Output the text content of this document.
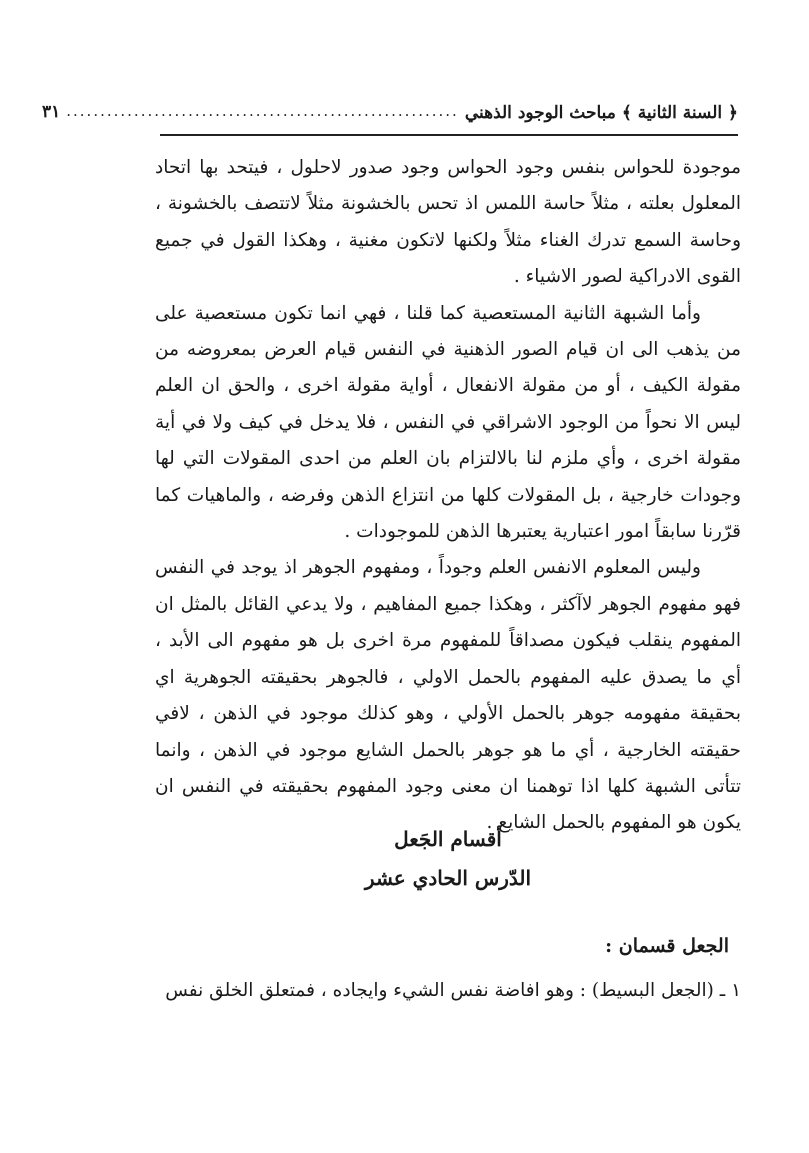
﴿ السنة الثانية ﴾ مباحث الوجود الذهني
..........................................................
٣١

موجودة للحواس بنفس وجود الحواس وجود صدور لاحلول ، فيتحد بها اتحاد المعلول بعلته ، مثلاً حاسة اللمس اذ تحس بالخشونة مثلاً لاتتصف بالخشونة ، وحاسة السمع تدرك الغناء مثلاً ولكنها لاتكون مغنية ، وهكذا القول في جميع القوى الادراكية لصور الاشياء .

وأما الشبهة الثانية المستعصية كما قلنا ، فهي انما تكون مستعصية على من يذهب الى ان قيام الصور الذهنية في النفس قيام العرض بمعروضه من مقولة الكيف ، أو من مقولة الانفعال ، أواية مقولة اخرى ، والحق ان العلم ليس الا نحواً من الوجود الاشراقي في النفس ، فلا يدخل في كيف ولا في أية مقولة اخرى ، وأي ملزم لنا بالالتزام بان العلم من احدى المقولات التي لها وجودات خارجية ، بل المقولات كلها من انتزاع الذهن وفرضه ، والماهيات كما قرّرنا سابقاً امور اعتبارية يعتبرها الذهن للموجودات .

وليس المعلوم الانفس العلم وجوداً ، ومفهوم الجوهر اذ يوجد في النفس فهو مفهوم الجوهر لاآكثر ، وهكذا جميع المفاهيم ، ولا يدعي القائل بالمثل ان المفهوم ينقلب فيكون مصداقاً للمفهوم مرة اخرى بل هو مفهوم الى الأبد ، أي ما يصدق عليه المفهوم بالحمل الاولي ، فالجوهر بحقيقته الجوهرية اي بحقيقة مفهومه جوهر بالحمل الأولي ، وهو كذلك موجود في الذهن ، لافي حقيقته الخارجية ، أي ما هو جوهر بالحمل الشايع موجود في الذهن ، وانما تتأتى الشبهة كلها اذا توهمنا ان معنى وجود المفهوم بحقيقته في النفس ان يكون هو المفهوم بالحمل الشايع .

أقسام الجَعل
الدّرس الحادي عشر
الجعل قسمان :
١ ـ (الجعل البسيط) : وهو افاضة نفس الشيء وايجاده ، فمتعلق الخلق نفس
